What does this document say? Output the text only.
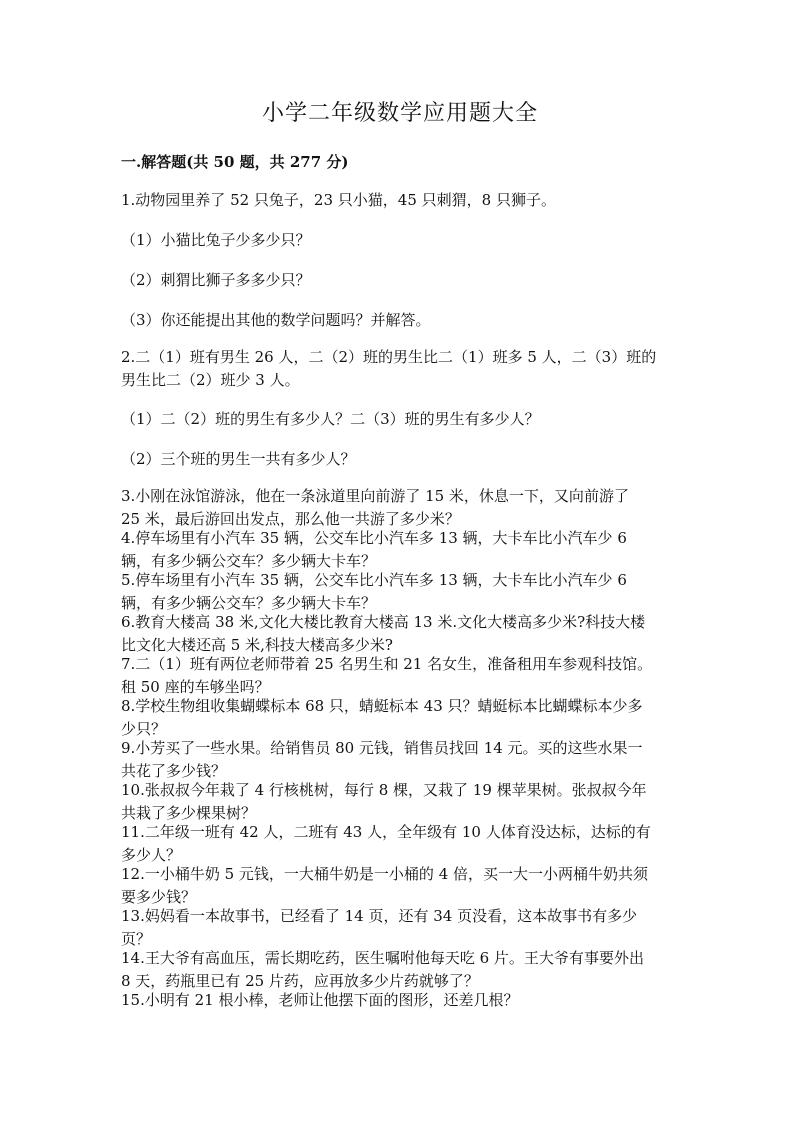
小学二年级数学应用题大全
一.解答题(共 50 题，共 277 分)
1.动物园里养了 52 只兔子，23 只小猫，45 只刺猬，8 只狮子。
（1）小猫比兔子少多少只？
（2）刺猬比狮子多多少只？
（3）你还能提出其他的数学问题吗？并解答。
2.二（1）班有男生 26 人，二（2）班的男生比二（1）班多 5 人，二（3）班的
男生比二（2）班少 3 人。
（1）二（2）班的男生有多少人？二（3）班的男生有多少人？
（2）三个班的男生一共有多少人？
3.小刚在泳馆游泳，他在一条泳道里向前游了 15 米，休息一下，又向前游了
25 米，最后游回出发点，那么他一共游了多少米？
4.停车场里有小汽车 35 辆，公交车比小汽车多 13 辆，大卡车比小汽车少 6
辆，有多少辆公交车？多少辆大卡车？
5.停车场里有小汽车 35 辆，公交车比小汽车多 13 辆，大卡车比小汽车少 6
辆，有多少辆公交车？多少辆大卡车？
6.教育大楼高 38 米,文化大楼比教育大楼高 13 米.文化大楼高多少米?科技大楼
比文化大楼还高 5 米,科技大楼高多少米?
7.二（1）班有两位老师带着 25 名男生和 21 名女生，准备租用车参观科技馆。
租 50 座的车够坐吗？
8.学校生物组收集蝴蝶标本 68 只，蜻蜓标本 43 只？蜻蜓标本比蝴蝶标本少多
少只？
9.小芳买了一些水果。给销售员 80 元钱，销售员找回 14 元。买的这些水果一
共花了多少钱？
10.张叔叔今年栽了 4 行核桃树，每行 8 棵，又栽了 19 棵苹果树。张叔叔今年
共栽了多少棵果树？
11.二年级一班有 42 人，二班有 43 人，全年级有 10 人体育没达标，达标的有
多少人？
12.一小桶牛奶 5 元钱，一大桶牛奶是一小桶的 4 倍，买一大一小两桶牛奶共须
要多少钱？
13.妈妈看一本故事书，已经看了 14 页，还有 34 页没看，这本故事书有多少
页？
14.王大爷有高血压，需长期吃药，医生嘱咐他每天吃 6 片。王大爷有事要外出
8 天，药瓶里已有 25 片药，应再放多少片药就够了？
15.小明有 21 根小棒，老师让他摆下面的图形，还差几根？
